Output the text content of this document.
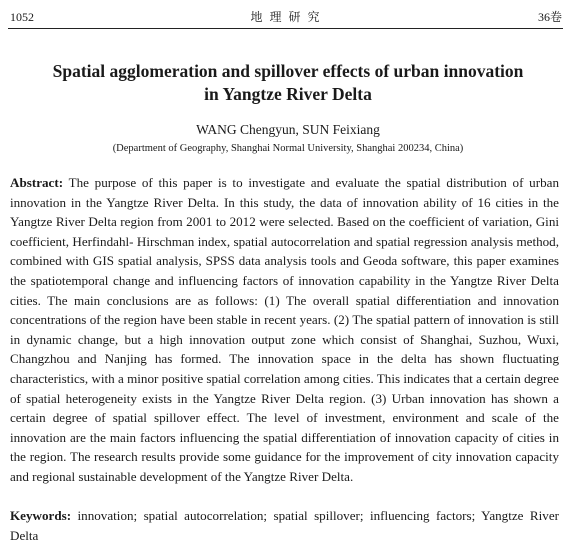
1052	地 理 研 究	36卷
Spatial agglomeration and spillover effects of urban innovation
in Yangtze River Delta
WANG Chengyun, SUN Feixiang
(Department of Geography, Shanghai Normal University, Shanghai 200234, China)
Abstract: The purpose of this paper is to investigate and evaluate the spatial distribution of urban innovation in the Yangtze River Delta. In this study, the data of innovation ability of 16 cities in the Yangtze River Delta region from 2001 to 2012 were selected. Based on the coefficient of variation, Gini coefficient, Herfindahl- Hirschman index, spatial autocorrelation and spatial regression analysis method, combined with GIS spatial analysis, SPSS data analysis tools and Geoda software, this paper examines the spatiotemporal change and influencing factors of innovation capability in the Yangtze River Delta cities. The main conclusions are as follows: (1) The overall spatial differentiation and innovation concentrations of the region have been stable in recent years. (2) The spatial pattern of innovation is still in dynamic change, but a high innovation output zone which consist of Shanghai, Suzhou, Wuxi, Changzhou and Nanjing has formed. The innovation space in the delta has shown fluctuating characteristics, with a minor positive spatial correlation among cities. This indicates that a certain degree of spatial heterogeneity exists in the Yangtze River Delta region. (3) Urban innovation has shown a certain degree of spatial spillover effect. The level of investment, environment and scale of the innovation are the main factors influencing the spatial differentiation of innovation capacity of cities in the region. The research results provide some guidance for the improvement of city innovation capacity and regional sustainable development of the Yangtze River Delta.
Keywords: innovation; spatial autocorrelation; spatial spillover; influencing factors; Yangtze River Delta
